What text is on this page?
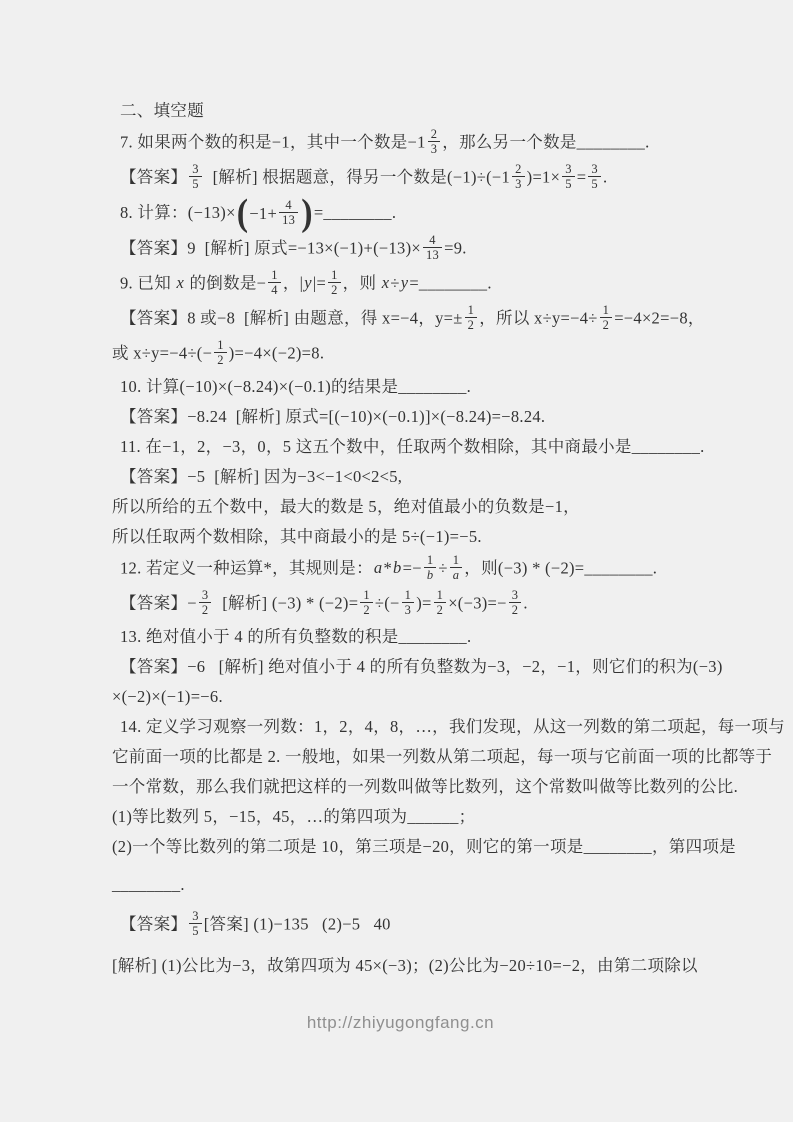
二、填空题
7. 如果两个数的积是−1，其中一个数是$-1 \frac{2}{3}$ ，那么另一个数是________.
【答案】 $\frac{3}{5}$ [解析] 根据题意，得另一个数是$(-1)\div(-1 \frac{2}{3} )=1\times \frac{3}{5} = \frac{3}{5}$ .
8. 计算：(−13)× ( $-1+ \frac{4}{13}$ ) =________.
【答案】9  [解析] 原式$=-13\times(-1)+(-13)\times \frac{4}{13} =9$.
9. 已知 x 的倒数是− $\frac{1}{4}$ ，$|y|= \frac{1}{2}$ ，则 x÷y=________.
【答案】8 或−8  [解析] 由题意，得 x=−4，$y=\pm \frac{1}{2}$ ，所以 $x\div y=-4\div \frac{1}{2} =-4\times 2=-8$，
或 $x\div y=-4\div(- \frac{1}{2} )=-4\times(-2)=8$.
10. 计算(−10)×(−8.24)×(−0.1)的结果是________.
【答案】−8.24  [解析] 原式=[(−10)×(−0.1)]×(−8.24)=−8.24.
11. 在−1，2，−3，0，5 这五个数中，任取两个数相除，其中商最小是________.
【答案】−5  [解析] 因为−3<−1<0<2<5,
所以所给的五个数中，最大的数是 5，绝对值最小的负数是−1，
所以任取两个数相除，其中商最小的是 5÷(−1)=−5.
12. 若定义一种运算*，其规则是：$a*b=- \frac{1}{b} \div \frac{1}{a}$ ，则(−3) * (−2)=________.
【答案】− $\frac{3}{2}$ [解析] $(-3) * (-2)= \frac{1}{2}$ ÷(− $\frac{1}{3}$ )= $\frac{1}{2} \times(-3)=- \frac{3}{2}$ .
13. 绝对值小于 4 的所有负整数的积是________.
【答案】−6   [解析] 绝对值小于 4 的所有负整数为−3，−2，−1，则它们的积为(−3)
×(−2)×(−1)=−6.
14. 定义学习观察一列数：1，2，4，8，…，我们发现，从这一列数的第二项起，每一项与
它前面一项的比都是 2. 一般地，如果一列数从第二项起，每一项与它前面一项的比都等于
一个常数，那么我们就把这样的一列数叫做等比数列，这个常数叫做等比数列的公比.
(1)等比数列 5，−15，45，…的第四项为______；
(2)一个等比数列的第二项是 10，第三项是−20，则它的第一项是________，第四项是
________.
【答案】 $\frac{3}{5}$ [答案] (1)−135   (2)−5   40
[解析] (1)公比为−3，故第四项为 45×(−3)；(2)公比为−20÷10=−2，由第二项除以
http://zhiyugongfang.cn
